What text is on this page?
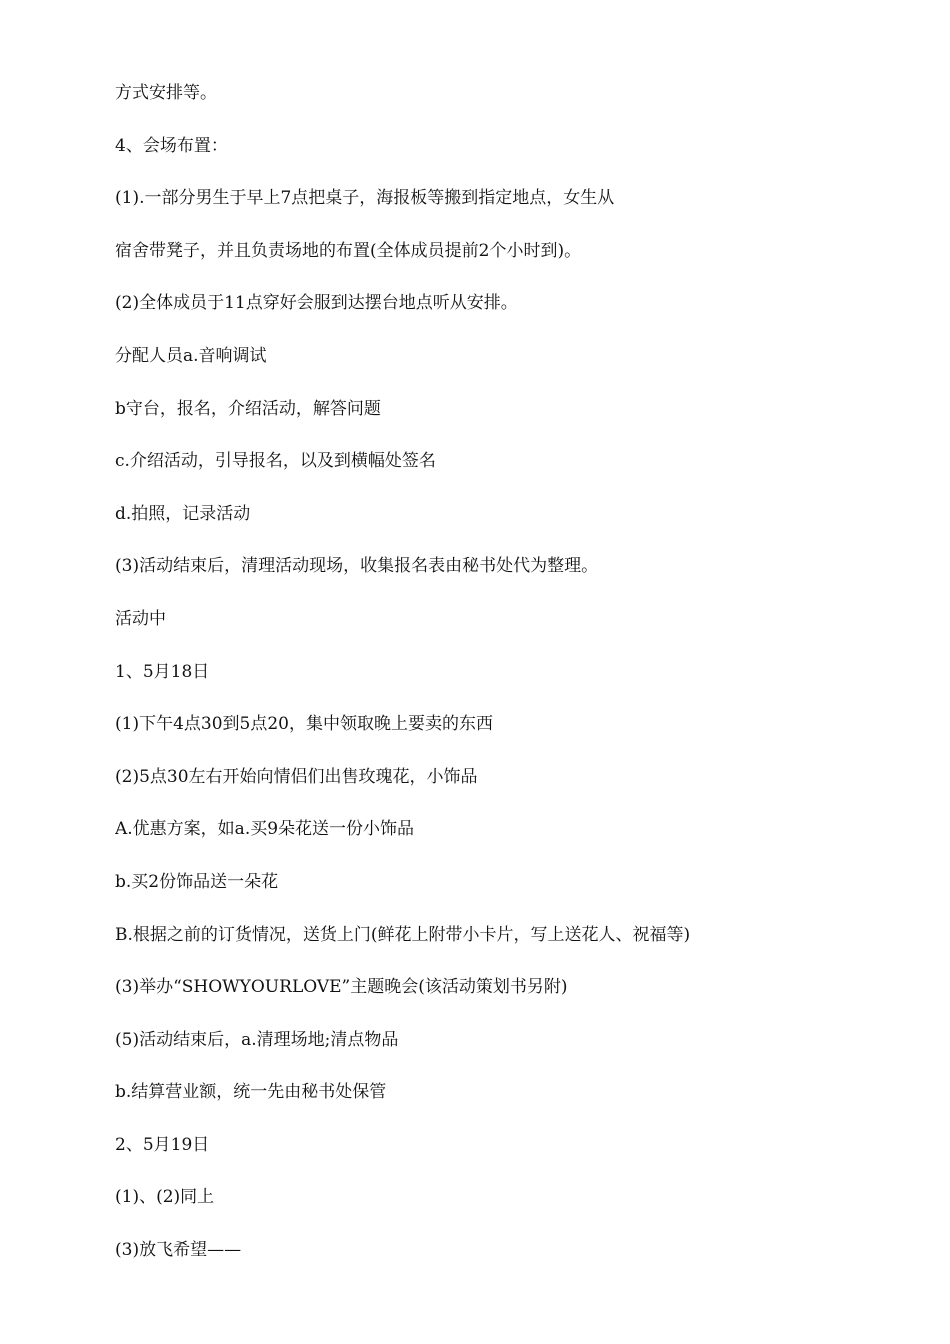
方式安排等。
4、会场布置：
(1).一部分男生于早上7点把桌子，海报板等搬到指定地点，女生从
宿舍带凳子，并且负责场地的布置(全体成员提前2个小时到)。
(2)全体成员于11点穿好会服到达摆台地点听从安排。
分配人员a.音响调试
b守台，报名，介绍活动，解答问题
c.介绍活动，引导报名，以及到横幅处签名
d.拍照，记录活动
(3)活动结束后，清理活动现场，收集报名表由秘书处代为整理。
活动中
1、5月18日
(1)下午4点30到5点20，集中领取晚上要卖的东西
(2)5点30左右开始向情侣们出售玫瑰花，小饰品
A.优惠方案，如a.买9朵花送一份小饰品
b.买2份饰品送一朵花
B.根据之前的订货情况，送货上门(鲜花上附带小卡片，写上送花人、祝福等)
(3)举办“SHOWYOURLOVE”主题晚会(该活动策划书另附)
(5)活动结束后，a.清理场地;清点物品
b.结算营业额，统一先由秘书处保管
2、5月19日
(1)、(2)同上
(3)放飞希望——
